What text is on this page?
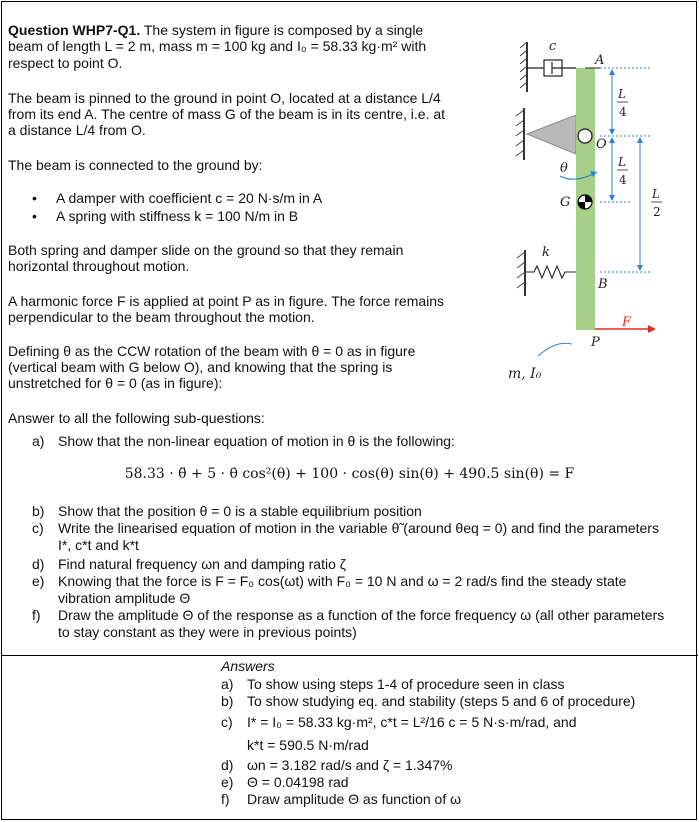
Question WHP7-Q1. The system in figure is composed by a single
beam of length L = 2 m, mass m = 100 kg and I₀ = 58.33 kg·m² with
respect to point O.
The beam is pinned to the ground in point O, located at a distance L/4
from its end A. The centre of mass G of the beam is in its centre, i.e. at
a distance L/4 from O.
The beam is connected to the ground by:
• A damper with coefficient c = 20 N·s/m in A
• A spring with stiffness k = 100 N/m in B
Both spring and damper slide on the ground so that they remain
horizontal throughout motion.
A harmonic force F is applied at point P as in figure. The force remains
perpendicular to the beam throughout the motion.
Defining θ as the CCW rotation of the beam with θ = 0 as in figure
(vertical beam with G below O), and knowing that the spring is
unstretched for θ = 0 (as in figure):
Answer to all the following sub-questions:
a) Show that the non-linear equation of motion in θ is the following:
58.33 · θ̈ + 5 · θ̇ cos²(θ) + 100 · cos(θ) sin(θ) + 490.5 sin(θ) = F
b) Show that the position θ = 0 is a stable equilibrium position
c) Write the linearised equation of motion in the variable θ̃ (around θeq = 0) and find the parameters
I*, c*t and k*t
d) Find natural frequency ωn and damping ratio ζ
e) Knowing that the force is F = F₀ cos(ωt) with F₀ = 10 N and ω = 2 rad/s find the steady state
vibration amplitude Θ
f) Draw the amplitude Θ of the response as a function of the force frequency ω (all other parameters
to stay constant as they were in previous points)
Answers
a) To show using steps 1-4 of procedure seen in class
b) To show studying eq. and stability (steps 5 and 6 of procedure)
c) I* = I₀ = 58.33 kg·m², c*t = L²/16 c = 5 N·s·m/rad, and
k*t = 590.5 N·m/rad
d) ωn = 3.182 rad/s and ζ = 1.347%
e) Θ = 0.04198 rad
f) Draw amplitude Θ as function of ω
c
O
A
θ
G
k
B
F
P
m, I₀
L
4
L
4
L
2
